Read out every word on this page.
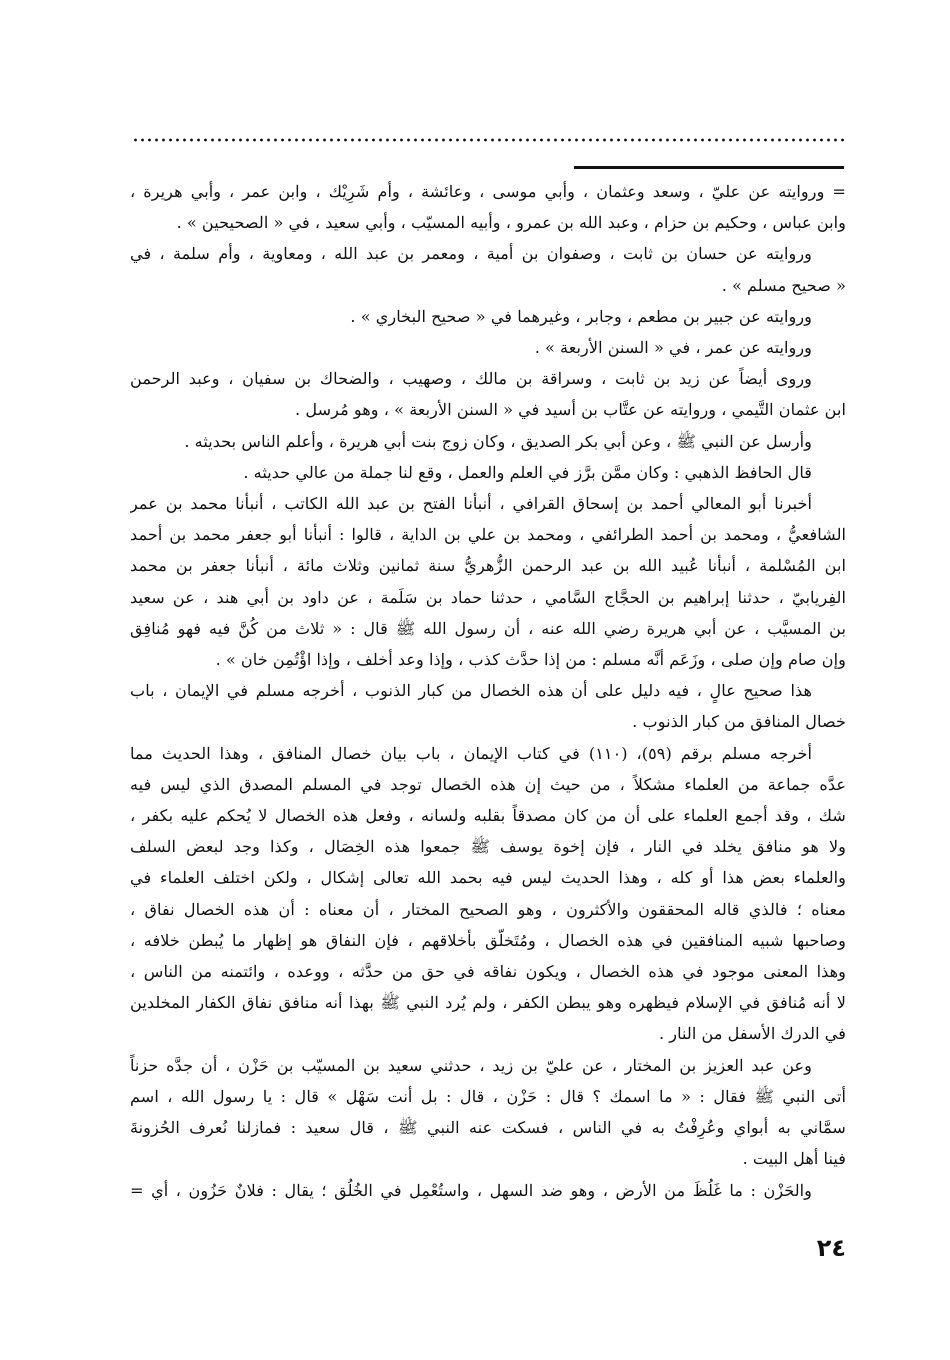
= وروايته عن عليّ ، وسعد وعثمان ، وأبي موسى ، وعائشة ، وأم شَرِيْك ، وابن عمر ، وأبي هريرة ،
وابن عباس ، وحكيم بن حزام ، وعبد الله بن عمرو ، وأبيه المسيّب ، وأبي سعيد ، في « الصحيحين » .
وروايته عن حسان بن ثابت ، وصفوان بن أمية ، ومعمر بن عبد الله ، ومعاوية ، وأم سلمة ، في
« صحيح مسلم » .
وروايته عن جبير بن مطعم ، وجابر ، وغيرهما في « صحيح البخاري » .
وروايته عن عمر ، في « السنن الأربعة » .
وروى أيضاً عن زيد بن ثابت ، وسراقة بن مالك ، وصهيب ، والضحاك بن سفيان ، وعبد الرحمن
ابن عثمان التَّيمي ، وروايته عن عتَّاب بن أسيد في « السنن الأربعة » ، وهو مُرسل .
وأرسل عن النبي ﷺ ، وعن أبي بكر الصديق ، وكان زوج بنت أبي هريرة ، وأعلم الناس بحديثه .
قال الحافظ الذهبي : وكان ممَّن برَّز في العلم والعمل ، وقع لنا جملة من عالي حديثه .
أخبرنا أبو المعالي أحمد بن إسحاق القرافي ، أنبأنا الفتح بن عبد الله الكاتب ، أنبأنا محمد بن عمر
الشافعيُّ ، ومحمد بن أحمد الطرائفي ، ومحمد بن علي بن الداية ، قالوا : أنبأنا أبو جعفر محمد بن أحمد
ابن المُسْلمة ، أنبأنا عُبيد الله بن عبد الرحمن الزُّهريُّ سنة ثمانين وثلاث مائة ، أنبأنا جعفر بن محمد
الفِريابيّ ، حدثنا إبراهيم بن الحجَّاج السَّامي ، حدثنا حماد بن سَلَمة ، عن داود بن أبي هند ، عن سعيد
بن المسيَّب ، عن أبي هريرة رضي الله عنه ، أن رسول الله ﷺ قال : « ثلاث من كُنَّ فيه فهو مُنافِق
وإن صام وإن صلى ، وزَعَم أنَّه مسلم : من إذا حدَّث كذب ، وإذا وعد أخلف ، وإذا اؤْتُمِن خان » .
هذا صحيح عالٍ ، فيه دليل على أن هذه الخصال من كبار الذنوب ، أخرجه مسلم في الإيمان ، باب
خصال المنافق من كبار الذنوب .
أخرجه مسلم برقم (٥٩)، (١١٠) في كتاب الإيمان ، باب بيان خصال المنافق ، وهذا الحديث مما
عدَّه جماعة من العلماء مشكلاً ، من حيث إن هذه الخصال توجد في المسلم المصدق الذي ليس فيه
شك ، وقد أجمع العلماء على أن من كان مصدقاً بقلبه ولسانه ، وفعل هذه الخصال لا يُحكم عليه بكفر ،
ولا هو منافق يخلد في النار ، فإن إخوة يوسف ﷺ جمعوا هذه الخِصَال ، وكذا وجد لبعض السلف
والعلماء بعض هذا أو كله ، وهذا الحديث ليس فيه بحمد الله تعالى إشكال ، ولكن اختلف العلماء في
معناه ؛ فالذي قاله المحققون والأكثرون ، وهو الصحيح المختار ، أن معناه : أن هذه الخصال نفاق ،
وصاحبها شبيه المنافقين في هذه الخصال ، ومُتَخلّق بأخلاقهم ، فإن النفاق هو إظهار ما يُبطن خلافه ،
وهذا المعنى موجود في هذه الخصال ، ويكون نفاقه في حق من حدَّثه ، ووعده ، وائتمنه من الناس ،
لا أنه مُنافق في الإسلام فيظهره وهو يبطن الكفر ، ولم يُرد النبي ﷺ بهذا أنه منافق نفاق الكفار المخلدين
في الدرك الأسفل من النار .
وعن عبد العزيز بن المختار ، عن عليّ بن زيد ، حدثني سعيد بن المسيّب بن حَزْن ، أن جدَّه حزناً
أتى النبي ﷺ فقال : « ما اسمك ؟ قال : حَزْن ، قال : بل أنت سَهْل » قال : يا رسول الله ، اسم
سمَّاني به أبواي وعُرِفْتُ به في الناس ، فسكت عنه النبي ﷺ ، قال سعيد : فمازلنا نُعرف الحُزونةَ
فينا أهل البيت .
والحَزْن : ما غَلُظَ من الأرض ، وهو ضد السهل ، واستُعْمِل في الخُلُق ؛ يقال : فلانٌ حَزُون ، أي =
٢٤
